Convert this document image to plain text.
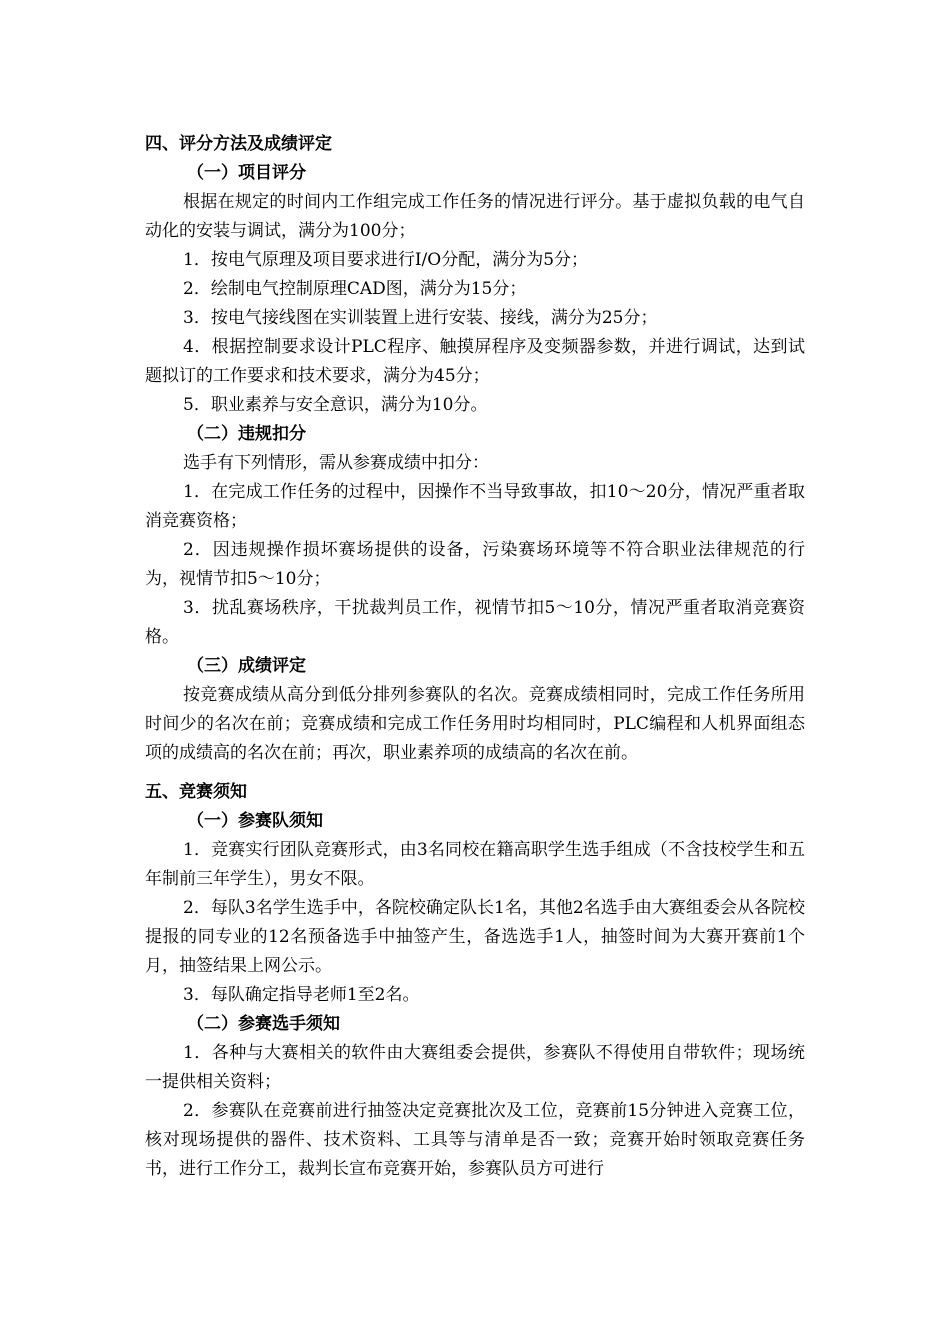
四、评分方法及成绩评定
（一）项目评分

根据在规定的时间内工作组完成工作任务的情况进行评分。基于虚拟负载的电气自动化的安装与调试，满分为100分；

1．按电气原理及项目要求进行I/O分配，满分为5分；

2．绘制电气控制原理CAD图，满分为15分；

3．按电气接线图在实训装置上进行安装、接线，满分为25分；

4．根据控制要求设计PLC程序、触摸屏程序及变频器参数，并进行调试，达到试题拟订的工作要求和技术要求，满分为45分；

5．职业素养与安全意识，满分为10分。

（二）违规扣分

选手有下列情形，需从参赛成绩中扣分：

1．在完成工作任务的过程中，因操作不当导致事故，扣10～20分，情况严重者取消竞赛资格；

2．因违规操作损坏赛场提供的设备，污染赛场环境等不符合职业法律规范的行为，视情节扣5～10分；

3．扰乱赛场秩序，干扰裁判员工作，视情节扣5～10分，情况严重者取消竞赛资格。

（三）成绩评定

按竞赛成绩从高分到低分排列参赛队的名次。竞赛成绩相同时，完成工作任务所用时间少的名次在前；竞赛成绩和完成工作任务用时均相同时，PLC编程和人机界面组态项的成绩高的名次在前；再次，职业素养项的成绩高的名次在前。

五、竞赛须知
（一）参赛队须知

1．竞赛实行团队竞赛形式，由3名同校在籍高职学生选手组成（不含技校学生和五年制前三年学生），男女不限。

2．每队3名学生选手中，各院校确定队长1名，其他2名选手由大赛组委会从各院校提报的同专业的12名预备选手中抽签产生，备选选手1人，抽签时间为大赛开赛前1个月，抽签结果上网公示。

3．每队确定指导老师1至2名。

（二）参赛选手须知

1．各种与大赛相关的软件由大赛组委会提供，参赛队不得使用自带软件；现场统一提供相关资料；

2．参赛队在竞赛前进行抽签决定竞赛批次及工位，竞赛前15分钟进入竞赛工位，核对现场提供的器件、技术资料、工具等与清单是否一致；竞赛开始时领取竞赛任务书，进行工作分工，裁判长宣布竞赛开始，参赛队员方可进行
